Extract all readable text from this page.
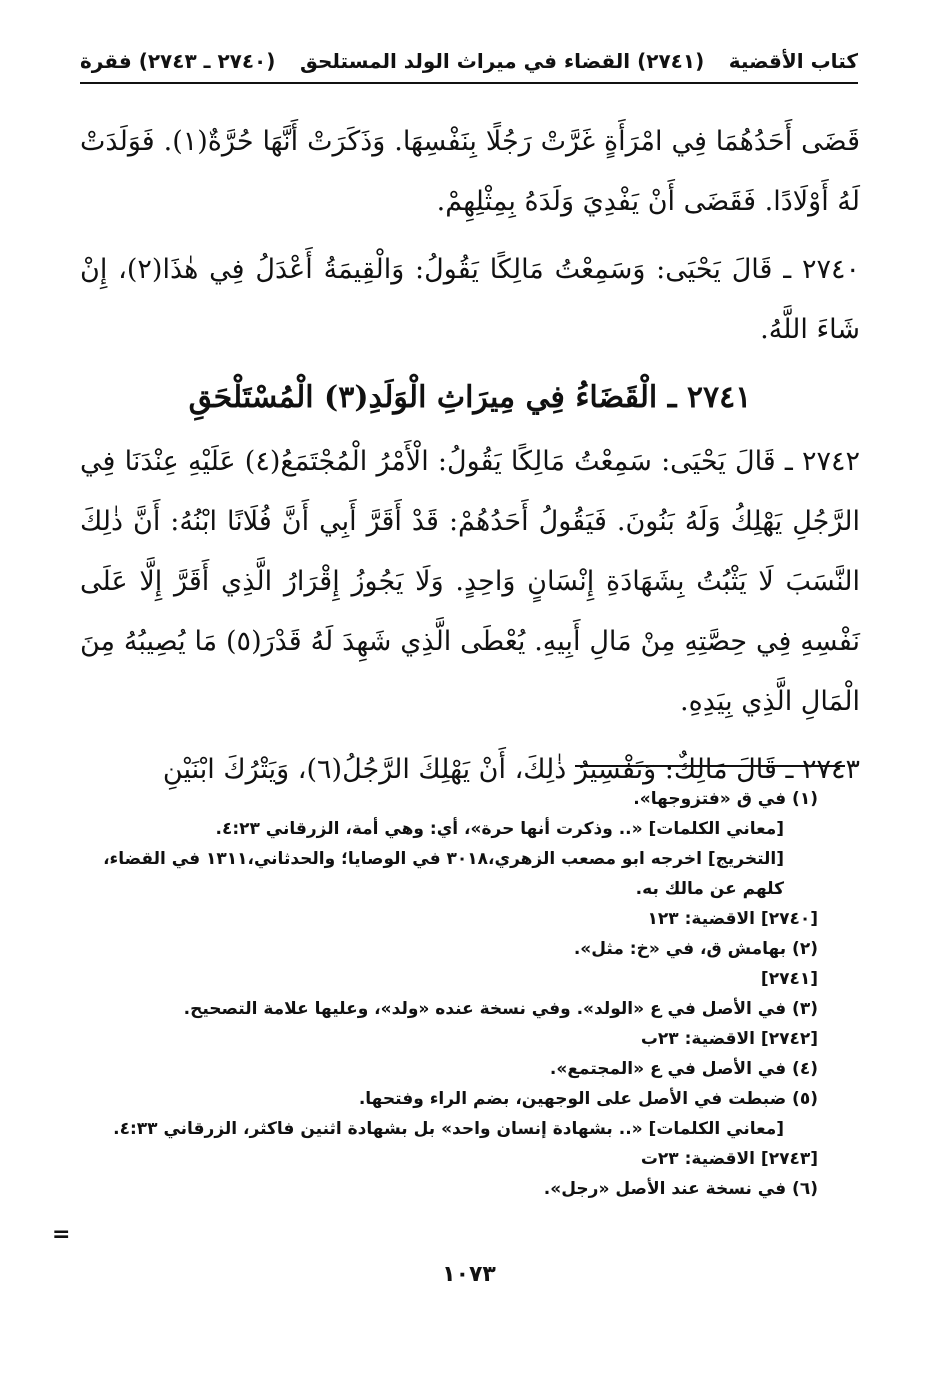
كتاب الأقضية
(٢٧٤١) القضاء في ميراث الولد المستلحق
(٢٧٤٠ ـ ٢٧٤٣) فقرة

قَضَى أَحَدُهُمَا فِي امْرَأَةٍ غَرَّتْ رَجُلًا بِنَفْسِهَا. وَذَكَرَتْ أَنَّهَا حُرَّةٌ(١). فَوَلَدَتْ لَهُ أَوْلَادًا. فَقَضَى أَنْ يَفْدِيَ وَلَدَهُ بِمِثْلِهِمْ.

٢٧٤٠ ـ قَالَ يَحْيَى: وَسَمِعْتُ مَالِكًا يَقُولُ: وَالْقِيمَةُ أَعْدَلُ فِي هٰذَا(٢)، إِنْ شَاءَ اللَّهُ.

٢٧٤١ ـ الْقَضَاءُ فِي مِيرَاثِ الْوَلَدِ(٣) الْمُسْتَلْحَقِ

٢٧٤٢ ـ قَالَ يَحْيَى: سَمِعْتُ مَالِكًا يَقُولُ: الْأَمْرُ الْمُجْتَمَعُ(٤) عَلَيْهِ عِنْدَنَا فِي الرَّجُلِ يَهْلِكُ وَلَهُ بَنُونَ. فَيَقُولُ أَحَدُهُمْ: قَدْ أَقَرَّ أَبِي أَنَّ فُلَانًا ابْنُهُ: أَنَّ ذٰلِكَ النَّسَبَ لَا يَثْبُتُ بِشَهَادَةِ إِنْسَانٍ وَاحِدٍ. وَلَا يَجُوزُ إِقْرَارُ الَّذِي أَقَرَّ إِلَّا عَلَى نَفْسِهِ فِي حِصَّتِهِ مِنْ مَالِ أَبِيهِ. يُعْطَى الَّذِي شَهِدَ لَهُ قَدْرَ(٥) مَا يُصِيبُهُ مِنَ الْمَالِ الَّذِي بِيَدِهِ.

٢٧٤٣ ـ قَالَ مَالِكٌ: وَتَفْسِيرُ ذٰلِكَ، أَنْ يَهْلِكَ الرَّجُلُ(٦)، وَيَتْرُكَ ابْنَيْنِ

(١) في ق «فتزوجها».

[معاني الكلمات] «.. وذكرت أنها حرة»، أي: وهي أمة، الزرقاني ٤:٢٣.

[التخريج] اخرجه ابو مصعب الزهري،٣٠١٨ في الوصايا؛ والحدثاني،١٣١١ في القضاء، كلهم عن مالك به.

[٢٧٤٠] الاقضية: ١٢٣

(٢) بهامش ق، في «خ: مثل».

[٢٧٤١]

(٣) في الأصل في ع «الولد». وفي نسخة عنده «ولد»، وعليها علامة التصحيح.

[٢٧٤٢] الاقضية: ٢٣ب

(٤) في الأصل في ع «المجتمع».

(٥) ضبطت في الأصل على الوجهين، بضم الراء وفتحها.

[معاني الكلمات] «.. بشهادة إنسان واحد» بل بشهادة اثنين فاكثر، الزرقاني ٤:٣٣.

[٢٧٤٣] الاقضية: ٢٣ت

(٦) في نسخة عند الأصل «رجل».

=
١٠٧٣
